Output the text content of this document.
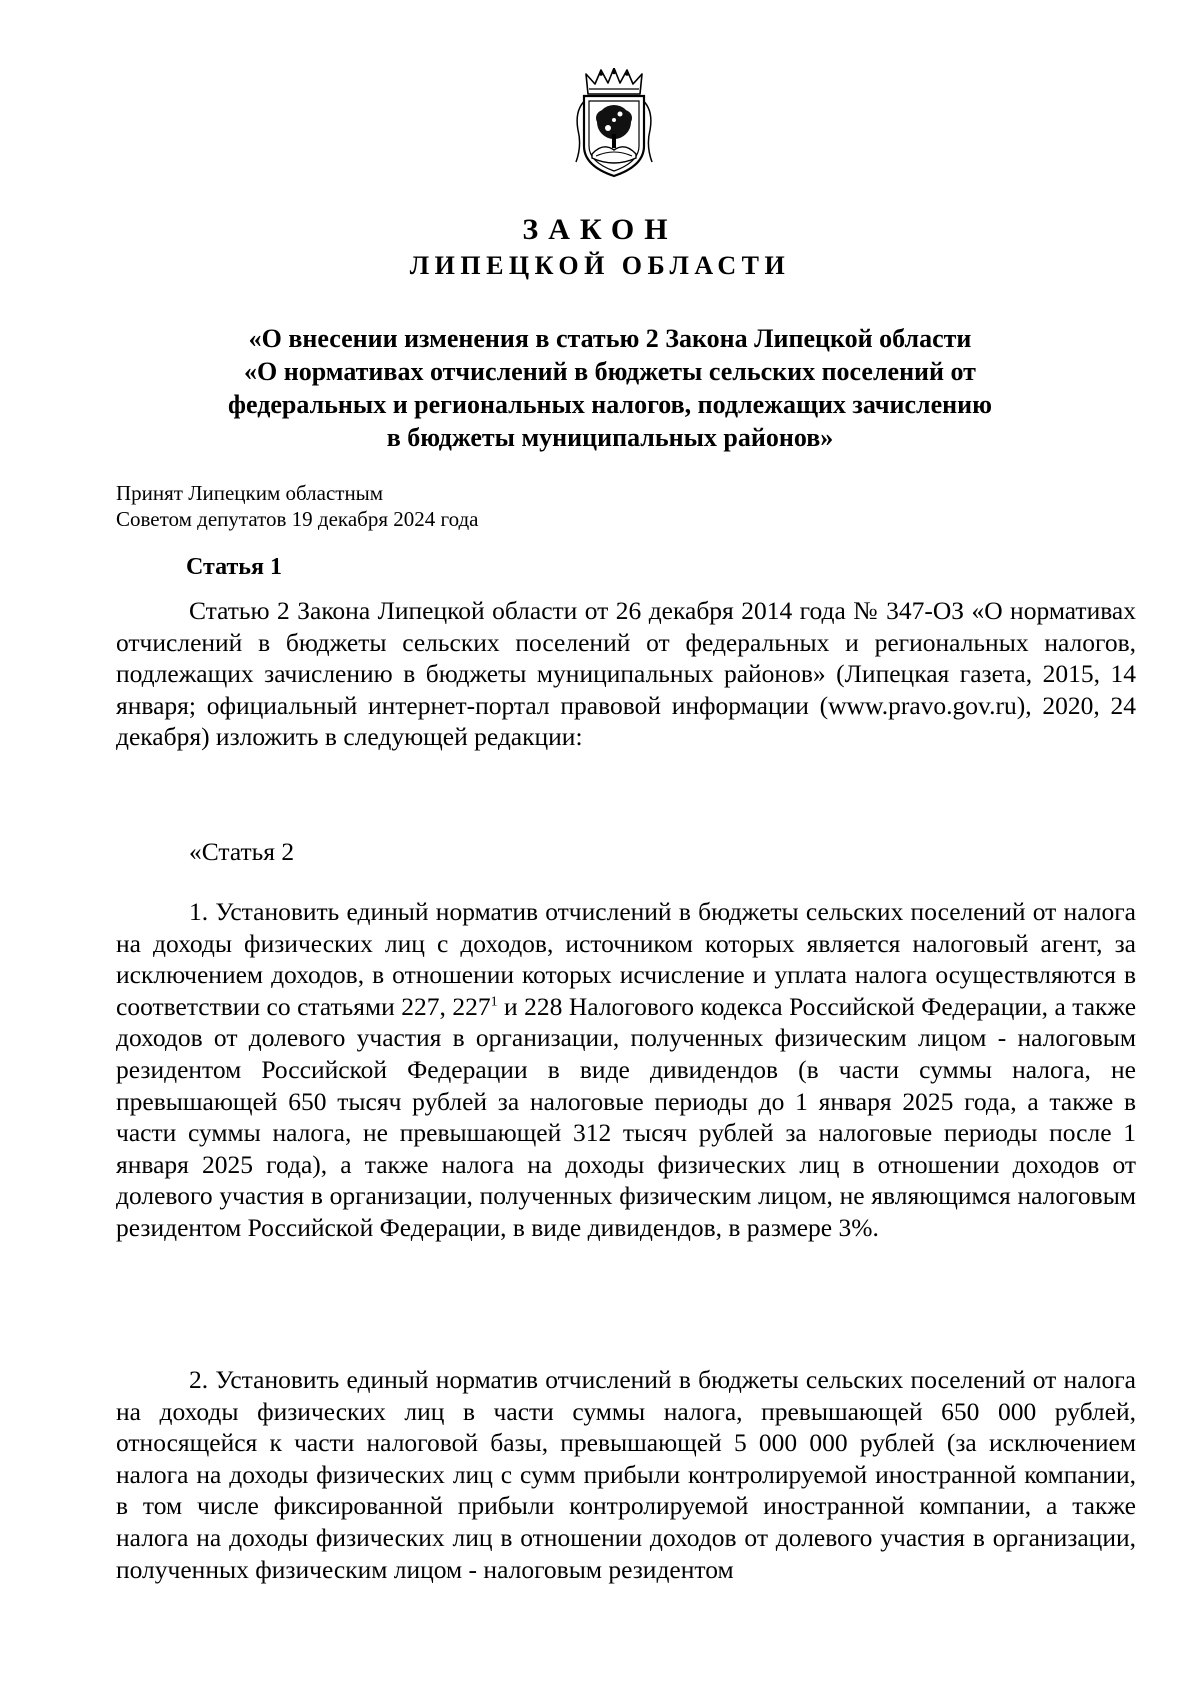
ЗАКОН
ЛИПЕЦКОЙ ОБЛАСТИ
«О внесении изменения в статью 2 Закона Липецкой области
«О нормативах отчислений в бюджеты сельских поселений от
федеральных и региональных налогов, подлежащих зачислению
в бюджеты муниципальных районов»
Принят Липецким областным
Советом депутатов 19 декабря 2024 года
Статья 1
Статью 2 Закона Липецкой области от 26 декабря 2014 года № 347-ОЗ «О нормативах отчислений в бюджеты сельских поселений от федеральных и региональных налогов, подлежащих зачислению в бюджеты муниципальных районов» (Липецкая газета, 2015, 14 января; официальный интернет-портал правовой информации (www.pravo.gov.ru), 2020, 24 декабря) изложить в следующей редакции:
«Статья 2
1. Установить единый норматив отчислений в бюджеты сельских поселений от налога на доходы физических лиц с доходов, источником которых является налоговый агент, за исключением доходов, в отношении которых исчисление и уплата налога осуществляются в соответствии со статьями 227, $227^1$ и 228 Налогового кодекса Российской Федерации, а также доходов от долевого участия в организации, полученных физическим лицом - налоговым резидентом Российской Федерации в виде дивидендов (в части суммы налога, не превышающей 650 тысяч рублей за налоговые периоды до 1 января 2025 года, а также в части суммы налога, не превышающей 312 тысяч рублей за налоговые периоды после 1 января 2025 года), а также налога на доходы физических лиц в отношении доходов от долевого участия в организации, полученных физическим лицом, не являющимся налоговым резидентом Российской Федерации, в виде дивидендов, в размере 3%.
2. Установить единый норматив отчислений в бюджеты сельских поселений от налога на доходы физических лиц в части суммы налога, превышающей 650 000 рублей, относящейся к части налоговой базы, превышающей 5 000 000 рублей (за исключением налога на доходы физических лиц с сумм прибыли контролируемой иностранной компании, в том числе фиксированной прибыли контролируемой иностранной компании, а также налога на доходы физических лиц в отношении доходов от долевого участия в организации, полученных физическим лицом - налоговым резидентом
